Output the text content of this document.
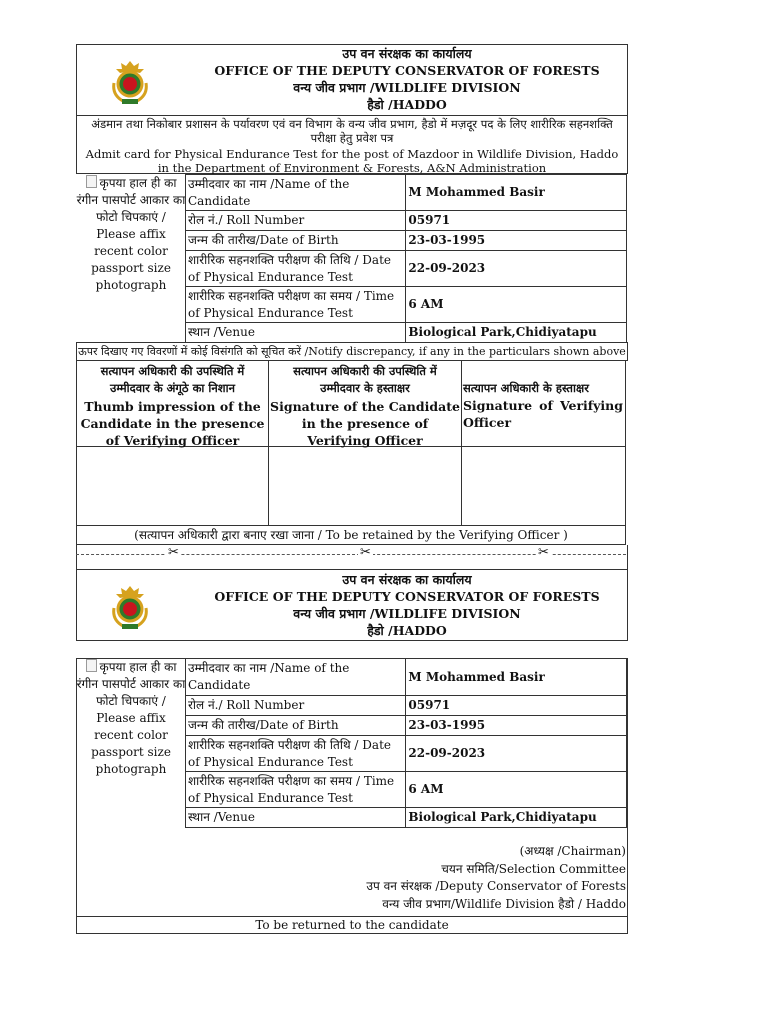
उप वन संरक्षक का कार्यालय
OFFICE OF THE DEPUTY CONSERVATOR OF FORESTS
वन्य जीव प्रभाग /WILDLIFE DIVISION
हैडो /HADDO
अंडमान तथा निकोबार प्रशासन के पर्यावरण एवं वन विभाग के वन्य जीव प्रभाग, हैडो में मज़दूर पद के लिए शारीरिक सहनशक्ति परीक्षा हेतु प्रवेश पत्र
Admit card for Physical Endurance Test for the post of Mazdoor in Wildlife Division, Haddo
in the Department of Environment & Forests, A&N Administration
कृपया हाल ही का रंगीन पासपोर्ट आकार का फोटो चिपकाएं / Please affix recent color passport size photograph
उम्मीदवार का नाम /Name of the Candidate	M Mohammed Basir
रोल नं./ Roll Number	05971
जन्म की तारीख/Date of Birth	23-03-1995
शारीरिक सहनशक्ति परीक्षण की तिथि / Date of Physical Endurance Test	22-09-2023
शारीरिक सहनशक्ति परीक्षण का समय / Time of Physical Endurance Test	6 AM
स्थान /Venue	Biological Park,Chidiyatapu
ऊपर दिखाए गए विवरणों में कोई विसंगति को सूचित करें /Notify discrepancy, if any in the particulars shown above
सत्यापन अधिकारी की उपस्थिति में उम्मीदवार के अंगूठे का निशान
Thumb impression of the Candidate in the presence of Verifying Officer
सत्यापन अधिकारी की उपस्थिति में उम्मीदवार के हस्ताक्षर
Signature of the Candidate in the presence of Verifying Officer
सत्यापन अधिकारी के हस्ताक्षर
Signature of Verifying Officer
(सत्यापन अधिकारी द्वारा बनाए रखा जाना / To be retained by the Verifying Officer )
✂	✂	✂
उप वन संरक्षक का कार्यालय
OFFICE OF THE DEPUTY CONSERVATOR OF FORESTS
वन्य जीव प्रभाग /WILDLIFE DIVISION
हैडो /HADDO
कृपया हाल ही का रंगीन पासपोर्ट आकार का फोटो चिपकाएं / Please affix recent color passport size photograph
उम्मीदवार का नाम /Name of the Candidate	M Mohammed Basir
रोल नं./ Roll Number	05971
जन्म की तारीख/Date of Birth	23-03-1995
शारीरिक सहनशक्ति परीक्षण की तिथि / Date of Physical Endurance Test	22-09-2023
शारीरिक सहनशक्ति परीक्षण का समय / Time of Physical Endurance Test	6 AM
स्थान /Venue	Biological Park,Chidiyatapu
(अध्यक्ष /Chairman)
चयन समिति/Selection Committee
उप वन संरक्षक /Deputy Conservator of Forests
वन्य जीव प्रभाग/Wildlife Division हैडो / Haddo
To be returned to the candidate
